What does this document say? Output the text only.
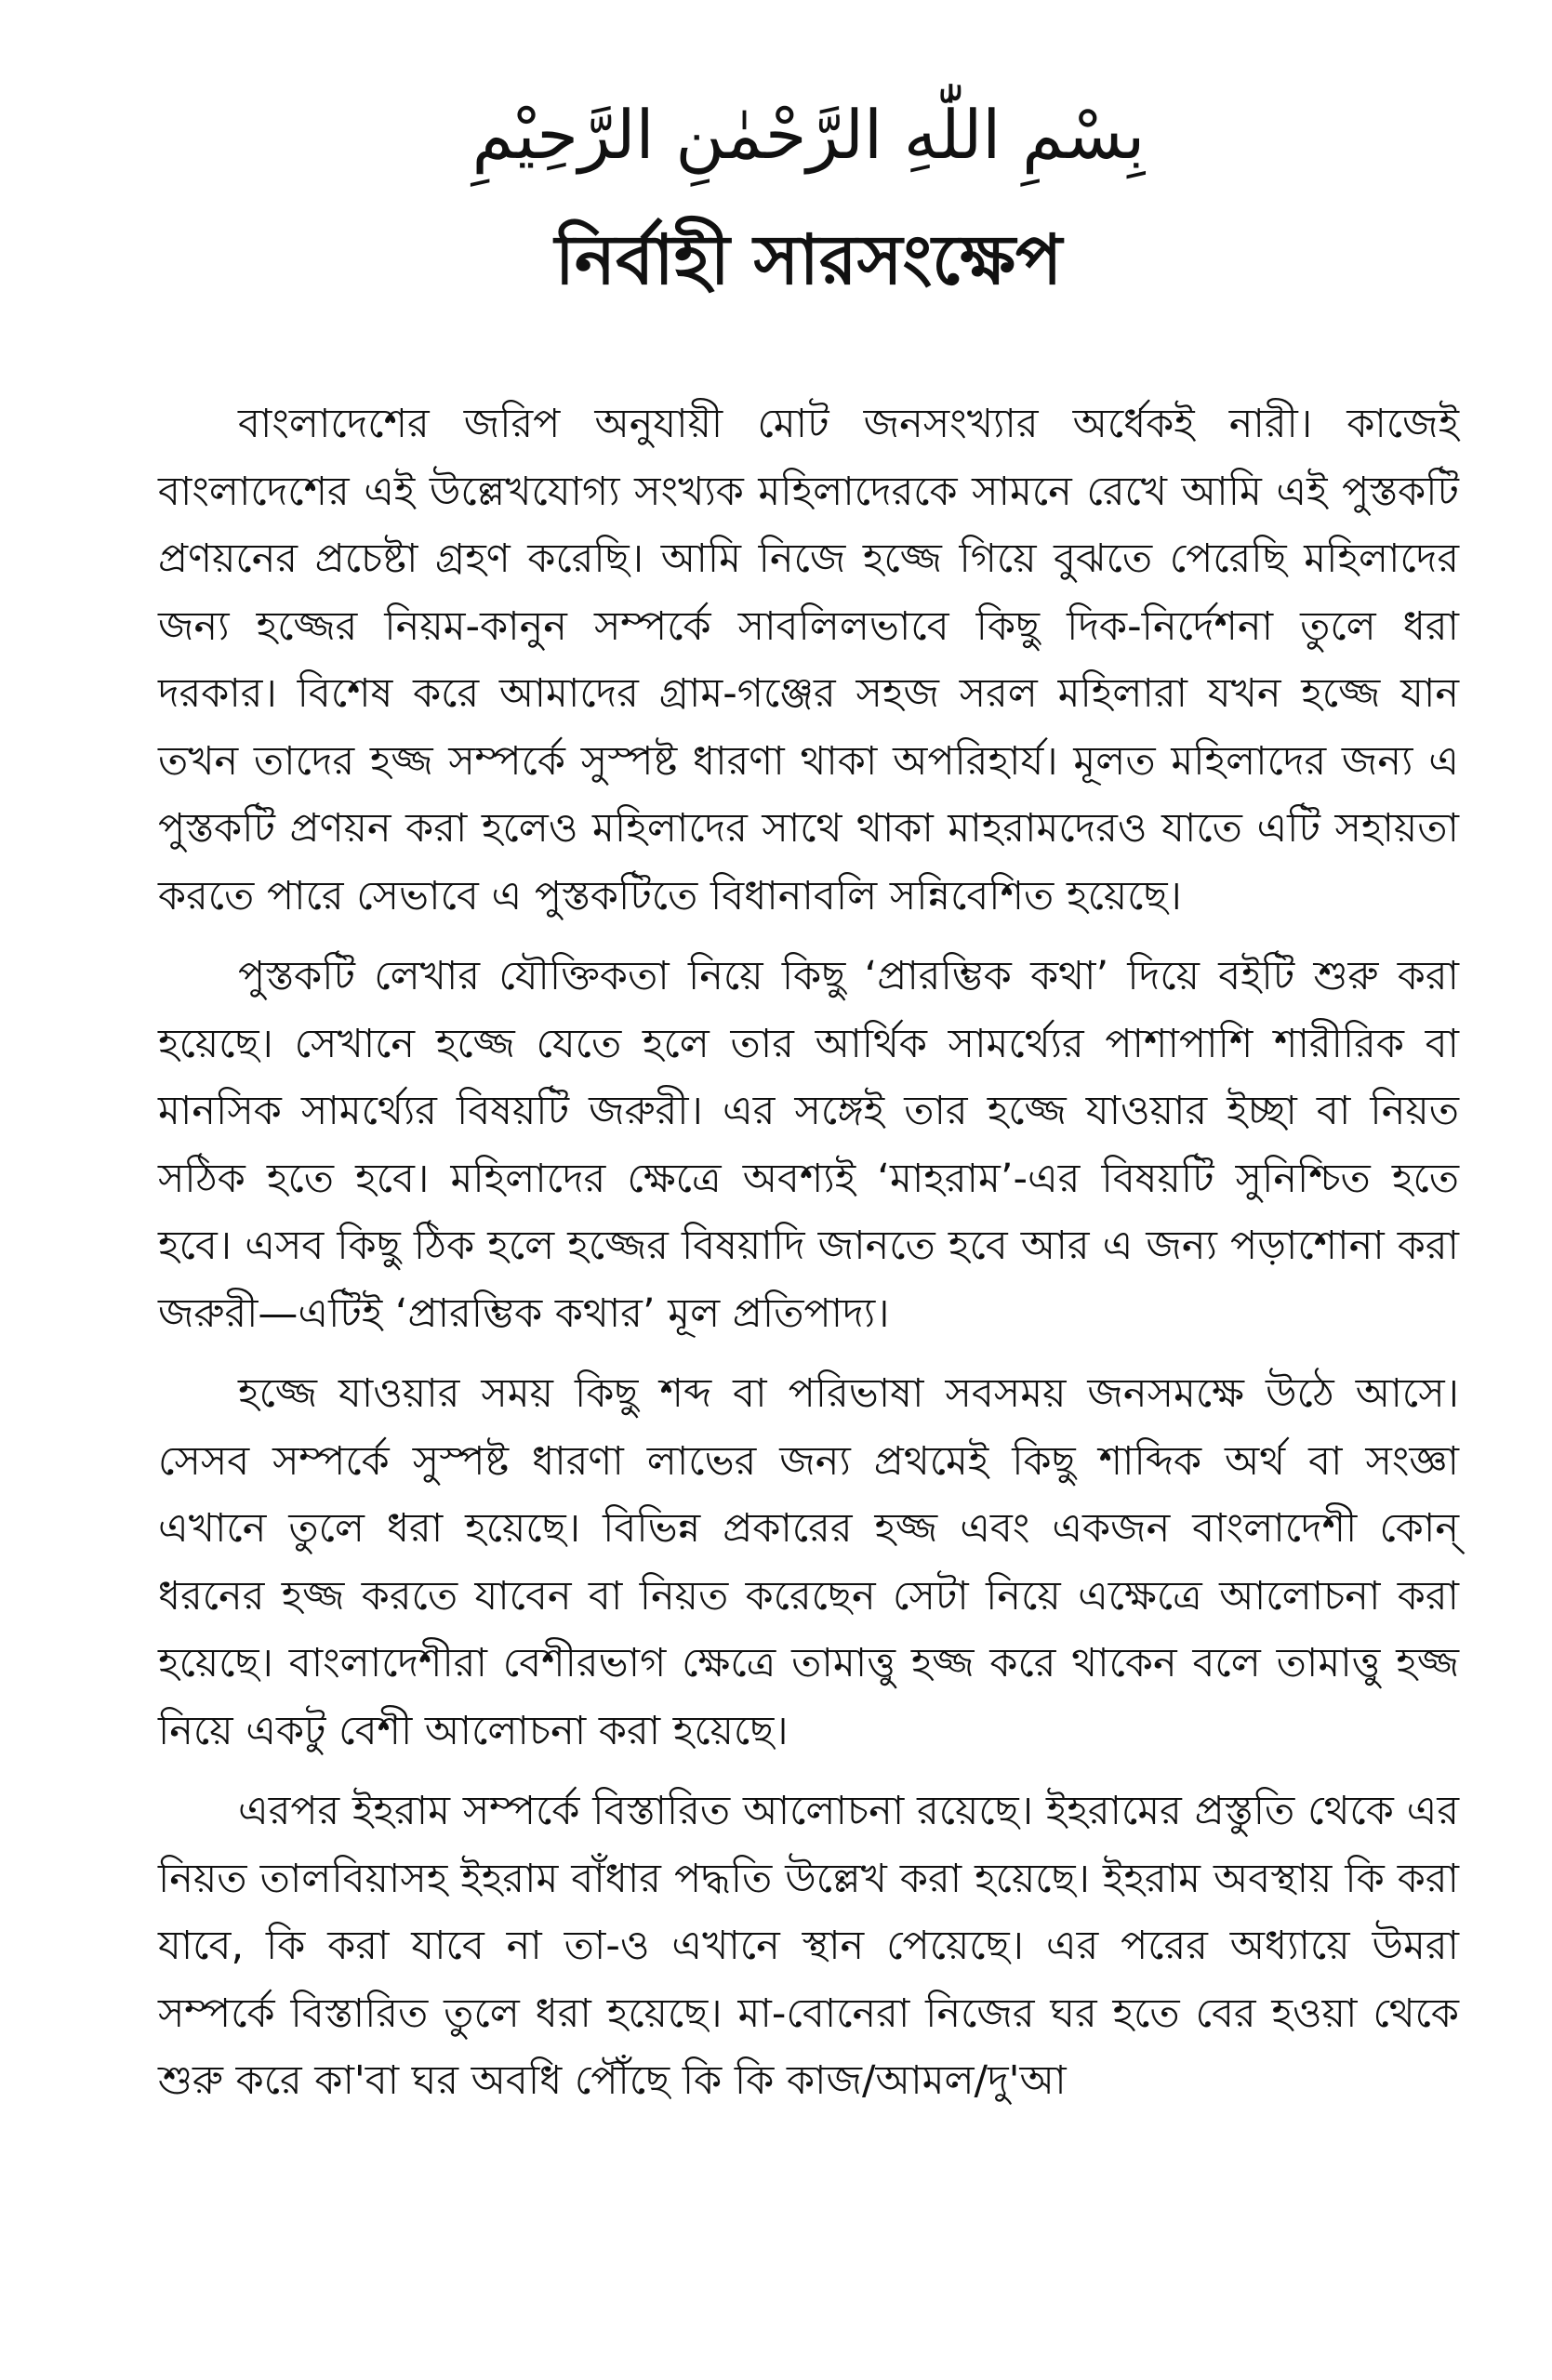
بِسْمِ اللّٰهِ الرَّحْمٰنِ الرَّحِيْمِ
নির্বাহী সারসংক্ষেপ

বাংলাদেশের জরিপ অনুযায়ী মোট জনসংখ্যার অর্ধেকই নারী। কাজেই বাংলাদেশের এই উল্লেখযোগ্য সংখ্যক মহিলাদেরকে সামনে রেখে আমি এই পুস্তকটি প্রণয়নের প্রচেষ্টা গ্রহণ করেছি। আমি নিজে হজ্জে গিয়ে বুঝতে পেরেছি মহিলাদের জন্য হজ্জের নিয়ম-কানুন সম্পর্কে সাবলিলভাবে কিছু দিক-নির্দেশনা তুলে ধরা দরকার। বিশেষ করে আমাদের গ্রাম-গঞ্জের সহজ সরল মহিলারা যখন হজ্জে যান তখন তাদের হজ্জ সম্পর্কে সুস্পষ্ট ধারণা থাকা অপরিহার্য। মূলত মহিলাদের জন্য এ পুস্তকটি প্রণয়ন করা হলেও মহিলাদের সাথে থাকা মাহরামদেরও যাতে এটি সহায়তা করতে পারে সেভাবে এ পুস্তকটিতে বিধানাবলি সন্নিবেশিত হয়েছে।

পুস্তকটি লেখার যৌক্তিকতা নিয়ে কিছু ‘প্রারম্ভিক কথা’ দিয়ে বইটি শুরু করা হয়েছে। সেখানে হজ্জে যেতে হলে তার আর্থিক সামর্থ্যের পাশাপাশি শারীরিক বা মানসিক সামর্থ্যের বিষয়টি জরুরী। এর সঙ্গেই তার হজ্জে যাওয়ার ইচ্ছা বা নিয়ত সঠিক হতে হবে। মহিলাদের ক্ষেত্রে অবশ্যই ‘মাহরাম’-এর বিষয়টি সুনিশ্চিত হতে হবে। এসব কিছু ঠিক হলে হজ্জের বিষয়াদি জানতে হবে আর এ জন্য পড়াশোনা করা জরুরী—এটিই ‘প্রারম্ভিক কথার’ মূল প্রতিপাদ্য।

হজ্জে যাওয়ার সময় কিছু শব্দ বা পরিভাষা সবসময় জনসমক্ষে উঠে আসে। সেসব সম্পর্কে সুস্পষ্ট ধারণা লাভের জন্য প্রথমেই কিছু শাব্দিক অর্থ বা সংজ্ঞা এখানে তুলে ধরা হয়েছে। বিভিন্ন প্রকারের হজ্জ এবং একজন বাংলাদেশী কোন্ ধরনের হজ্জ করতে যাবেন বা নিয়ত করেছেন সেটা নিয়ে এক্ষেত্রে আলোচনা করা হয়েছে। বাংলাদেশীরা বেশীরভাগ ক্ষেত্রে তামাত্তু হজ্জ করে থাকেন বলে তামাত্তু হজ্জ নিয়ে একটু বেশী আলোচনা করা হয়েছে।

এরপর ইহরাম সম্পর্কে বিস্তারিত আলোচনা রয়েছে। ইহরামের প্রস্তুতি থেকে এর নিয়ত তালবিয়াসহ ইহরাম বাঁধার পদ্ধতি উল্লেখ করা হয়েছে। ইহরাম অবস্থায় কি করা যাবে, কি করা যাবে না তা-ও এখানে স্থান পেয়েছে। এর পরের অধ্যায়ে উমরা সম্পর্কে বিস্তারিত তুলে ধরা হয়েছে। মা-বোনেরা নিজের ঘর হতে বের হওয়া থেকে শুরু করে কা'বা ঘর অবধি পৌঁছে কি কি কাজ/আমল/দু'আ
